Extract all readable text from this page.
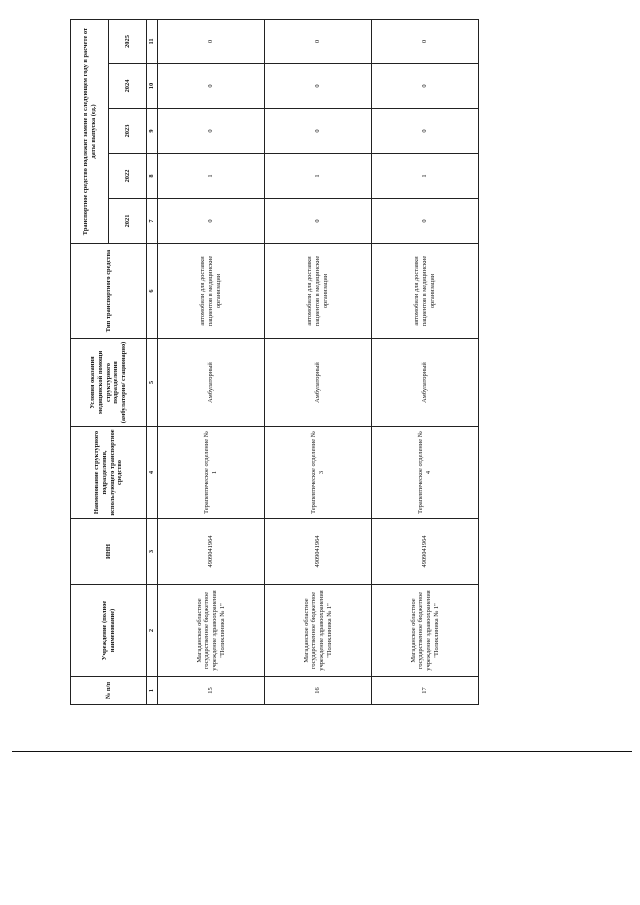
№ п/п	Учреждение (полное наименование)	ИНН	Наименование структурного подразделения, использующего транспортное средство	Условия оказания медицинской помощи структурного подразделения (амбулаторно/ стационарно)	Тип транспортного средства	Транспортное средство подлежит замене в следующем году в расчете от даты выпуска (ед.)				
						2021	2022	2023	2024	2025
1	2	3	4	5	6	7	8	9	10	11
15	Магаданское областное государственное бюджетное учреждение здравоохранения "Поликлиника № 1"	4909041964	Терапевтическое отделение № 1	Амбулаторный	автомобили для доставки пациентов в медицинские организации	0	1	0	0	0
16	Магаданское областное государственное бюджетное учреждение здравоохранения "Поликлиника № 1"	4909041964	Терапевтическое отделение № 3	Амбулаторный	автомобили для доставки пациентов в медицинские организации	0	1	0	0	0
17	Магаданское областное государственное бюджетное учреждение здравоохранения "Поликлиника № 1"	4909041964	Терапевтическое отделение № 4	Амбулаторный	автомобили для доставки пациентов в медицинские организации	0	1	0	0	0
